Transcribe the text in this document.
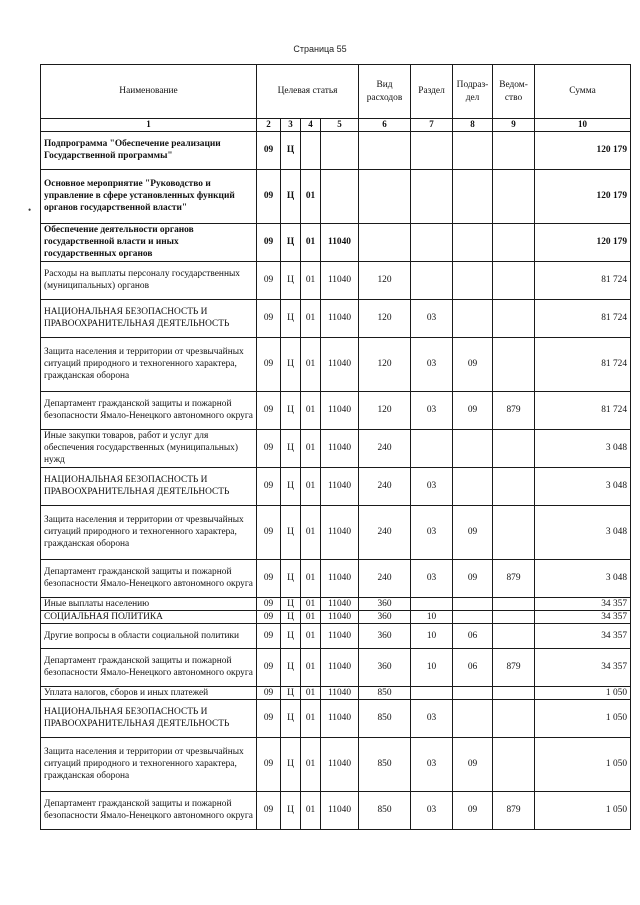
Страница 55
•
Наименование	Целевая статья				Вид расходов	Раздел	Подраз-дел	Ведом-ство	Сумма
1	2	3	4	5	6	7	8	9	10
Подпрограмма "Обеспечение реализации Государственной программы"	09	Ц							120 179
Основное мероприятие "Руководство и управление в сфере установленных функций органов государственной власти"	09	Ц	01						120 179
Обеспечение деятельности органов государственной власти и иных государственных органов	09	Ц	01	11040					120 179
Расходы на выплаты персоналу государственных (муниципальных) органов	09	Ц	01	11040	120				81 724
НАЦИОНАЛЬНАЯ БЕЗОПАСНОСТЬ И ПРАВООХРАНИТЕЛЬНАЯ ДЕЯТЕЛЬНОСТЬ	09	Ц	01	11040	120	03			81 724
Защита населения и территории от чрезвычайных ситуаций природного и техногенного характера, гражданская оборона	09	Ц	01	11040	120	03	09		81 724
Департамент гражданской защиты и пожарной безопасности Ямало-Ненецкого автономного округа	09	Ц	01	11040	120	03	09	879	81 724
Иные закупки товаров, работ и услуг для обеспечения государственных (муниципальных) нужд	09	Ц	01	11040	240				3 048
НАЦИОНАЛЬНАЯ БЕЗОПАСНОСТЬ И ПРАВООХРАНИТЕЛЬНАЯ ДЕЯТЕЛЬНОСТЬ	09	Ц	01	11040	240	03			3 048
Защита населения и территории от чрезвычайных ситуаций природного и техногенного характера, гражданская оборона	09	Ц	01	11040	240	03	09		3 048
Департамент гражданской защиты и пожарной безопасности Ямало-Ненецкого автономного округа	09	Ц	01	11040	240	03	09	879	3 048
Иные выплаты населению	09	Ц	01	11040	360				34 357
СОЦИАЛЬНАЯ ПОЛИТИКА	09	Ц	01	11040	360	10			34 357
Другие вопросы в области социальной политики	09	Ц	01	11040	360	10	06		34 357
Департамент гражданской защиты и пожарной безопасности Ямало-Ненецкого автономного округа	09	Ц	01	11040	360	10	06	879	34 357
Уплата налогов, сборов и иных платежей	09	Ц	01	11040	850				1 050
НАЦИОНАЛЬНАЯ БЕЗОПАСНОСТЬ И ПРАВООХРАНИТЕЛЬНАЯ ДЕЯТЕЛЬНОСТЬ	09	Ц	01	11040	850	03			1 050
Защита населения и территории от чрезвычайных ситуаций природного и техногенного характера, гражданская оборона	09	Ц	01	11040	850	03	09		1 050
Департамент гражданской защиты и пожарной безопасности Ямало-Ненецкого автономного округа	09	Ц	01	11040	850	03	09	879	1 050
